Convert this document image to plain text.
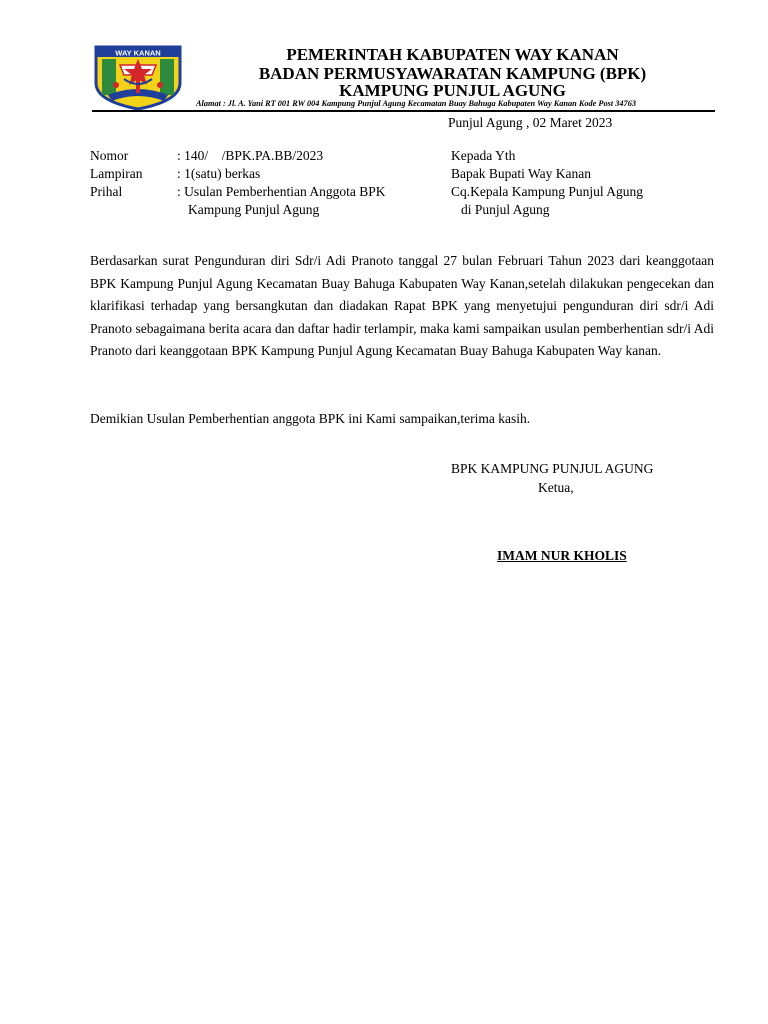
WAY KANAN	PEMERINTAH KABUPATEN WAY KANAN
BADAN PERMUSYAWARATAN KAMPUNG (BPK)
KAMPUNG PUNJUL AGUNG
Alamat : Jl. A. Yani RT 001 RW 004 Kampung Punjul Agung Kecamatan Buay Bahuga Kabupaten Way Kanan Kode Post 34763
Punjul Agung , 02 Maret 2023
Nomor	: 140/    /BPK.PA.BB/2023
Lampiran	: 1(satu) berkas
Prihal	: Usulan Pemberhentian Anggota BPK
Kampung Punjul Agung
Kepada Yth
Bapak Bupati Way Kanan
Cq.Kepala Kampung Punjul Agung
di Punjul Agung
Berdasarkan surat Pengunduran diri Sdr/i Adi Pranoto tanggal 27 bulan Februari Tahun 2023 dari keanggotaan BPK Kampung Punjul Agung Kecamatan Buay Bahuga Kabupaten Way Kanan,setelah dilakukan pengecekan dan klarifikasi terhadap yang bersangkutan dan diadakan Rapat BPK yang menyetujui pengunduran diri sdr/i Adi Pranoto sebagaimana berita acara dan daftar hadir terlampir, maka kami sampaikan usulan pemberhentian sdr/i Adi Pranoto dari keanggotaan BPK Kampung Punjul Agung Kecamatan Buay Bahuga Kabupaten Way kanan.
Demikian Usulan Pemberhentian anggota BPK ini Kami sampaikan,terima kasih.
BPK KAMPUNG PUNJUL AGUNG
Ketua,
IMAM NUR KHOLIS
